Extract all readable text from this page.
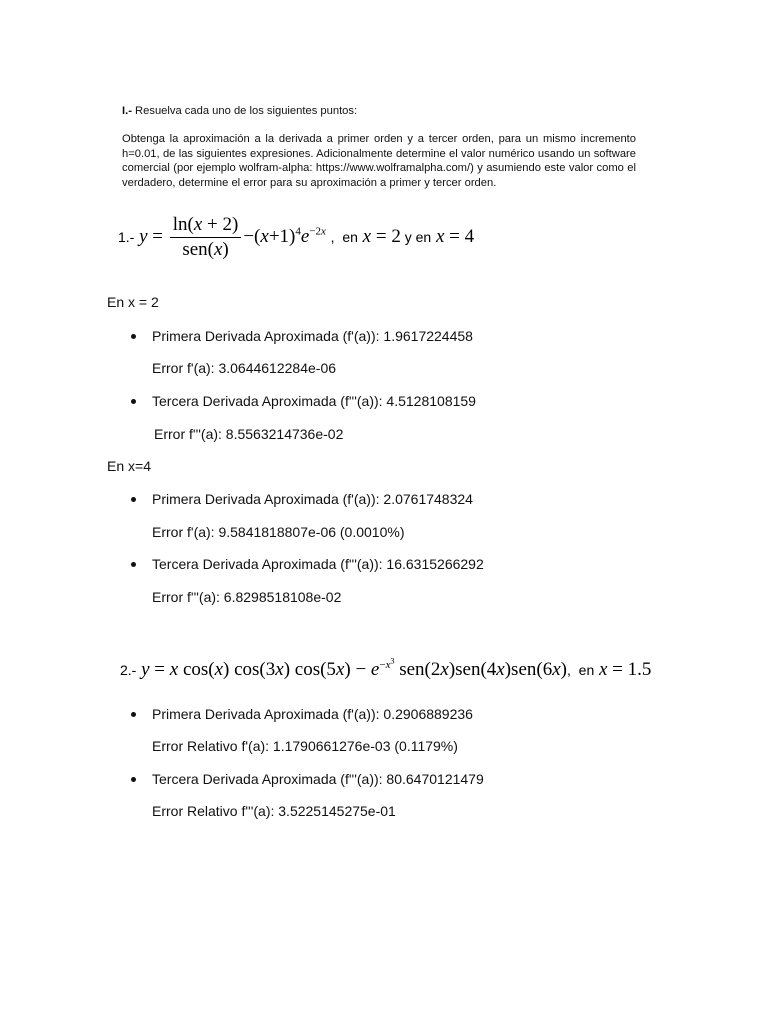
I.- Resuelva cada uno de los siguientes puntos:
Obtenga la aproximación a la derivada a primer orden y a tercer orden, para un mismo incremento h=0.01, de las siguientes expresiones. Adicionalmente determine el valor numérico usando un software comercial (por ejemplo wolfram-alpha: https://www.wolframalpha.com/) y asumiendo este valor como el verdadero, determine el error para su aproximación a primer y tercer orden.
1.- $y = \frac{\ln(x + 2)}{\text{sen(x)}} -(x+1)^4e^{-2x}$ ,  en x = 2 y en x = 4
En x = 2
Primera Derivada Aproximada (f'(a)): 1.9617224458
Error f'(a): 3.0644612284e-06
Tercera Derivada Aproximada (f'''(a)): 4.5128108159
Error f'''(a): 8.5563214736e-02
En x=4
Primera Derivada Aproximada (f'(a)): 2.0761748324
Error f'(a): 9.5841818807e-06 (0.0010%)
Tercera Derivada Aproximada (f'''(a)): 16.6315266292
Error f'''(a): 6.8298518108e-02
2.- y = x cos(x) cos(3x) $\cos(5x) - e^{-x^3}$ sen(2x)sen(4x)sen(6x),  en x = 1.5
Primera Derivada Aproximada (f'(a)): 0.2906889236
Error Relativo f'(a): 1.1790661276e-03 (0.1179%)
Tercera Derivada Aproximada (f'''(a)): 80.6470121479
Error Relativo f'''(a): 3.5225145275e-01
